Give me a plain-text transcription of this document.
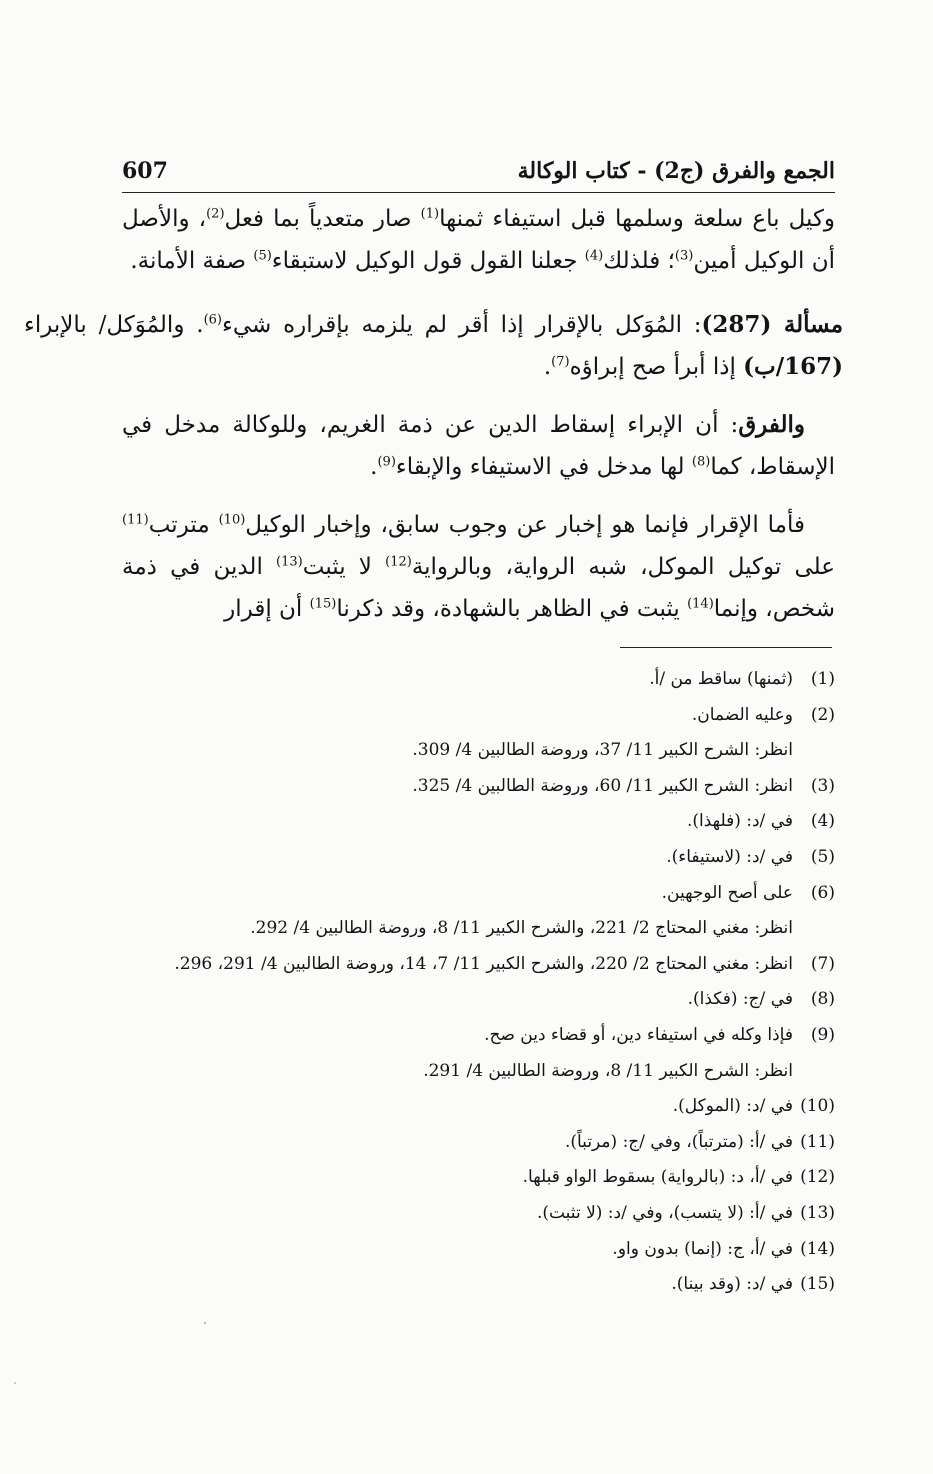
الجمع والفرق (ج2) - كتاب الوكالة
607

وكيل باع سلعة وسلمها قبل استيفاء ثمنها$^{(1)}$ صار متعدياً بما فعل$^{(2)}$، والأصل أن الوكيل أمين$^{(3)}$؛ فلذلك$^{(4)}$ جعلنا القول قول الوكيل لاستبقاء$^{(5)}$ صفة الأمانة.

مسألة (287): المُوَكل بالإقرار إذا أقر لم يلزمه بإقراره شيء$^{(6)}$. والمُوَكل/ بالإبراء (167/ب) إذا أبرأ صح إبراؤه$^{(7)}$.

والفرق: أن الإبراء إسقاط الدين عن ذمة الغريم، وللوكالة مدخل في الإسقاط، كما$^{(8)}$ لها مدخل في الاستيفاء والإبقاء$^{(9)}$.

فأما الإقرار فإنما هو إخبار عن وجوب سابق، وإخبار الوكيل$^{(10)}$ مترتب$^{(11)}$ على توكيل الموكل، شبه الرواية، وبالرواية$^{(12)}$ لا يثبت$^{(13)}$ الدين في ذمة شخص، وإنما$^{(14)}$ يثبت في الظاهر بالشهادة، وقد ذكرنا$^{(15)}$ أن إقرار

(1)
(ثمنها) ساقط من /أ.
(2)
وعليه الضمان.
انظر: الشرح الكبير 11/ 37، وروضة الطالبين 4/ 309.
(3)
انظر: الشرح الكبير 11/ 60، وروضة الطالبين 4/ 325.
(4)
في /د: (فلهذا).
(5)
في /د: (لاستيفاء).
(6)
على أصح الوجهين.
انظر: مغني المحتاج 2/ 221، والشرح الكبير 11/ 8، وروضة الطالبين 4/ 292.
(7)
انظر: مغني المحتاج 2/ 220، والشرح الكبير 11/ 7، 14، وروضة الطالبين 4/ 291، 296.
(8)
في /ج: (فكذا).
(9)
فإذا وكله في استيفاء دين، أو قضاء دين صح.
انظر: الشرح الكبير 11/ 8، وروضة الطالبين 4/ 291.
(10)
في /د: (الموكل).
(11)
في /أ: (مترتباً)، وفي /ج: (مرتباً).
(12)
في /أ، د: (بالرواية) بسقوط الواو قبلها.
(13)
في /أ: (لا يتسب)، وفي /د: (لا تثبت).
(14)
في /أ، ج: (إنما) بدون واو.
(15)
في /د: (وقد بينا).
